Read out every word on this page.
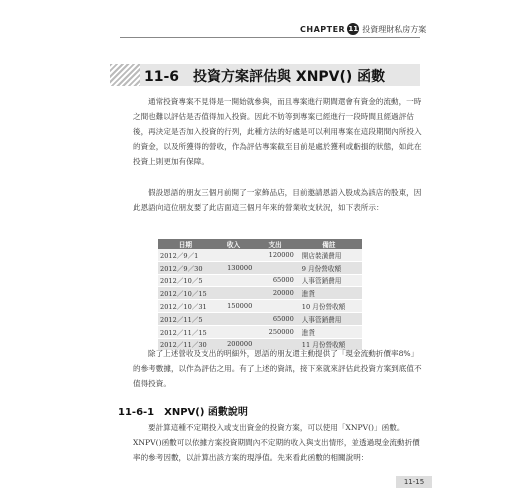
CHAPTER 11 投資理財私房方案
11-6　投資方案評估與 XNPV() 函數

通常投資專案不見得是一開始就參與，而且專案進行期間還會有資金的流動，一時之間也難以評估是否值得加入投資。因此不妨等到專案已經進行一段時間且經過評估後，再決定是否加入投資的行列，此種方法的好處是可以利用專案在這段期間內所投入的資金，以及所獲得的營收，作為評估專案截至目前是處於獲利或虧損的狀態，如此在投資上則更加有保障。

假設恩語的朋友三個月前開了一家飾品店，目前邀請恩語入股成為該店的股東，因此恩語向這位朋友要了此店面這三個月年來的營業收支狀況，如下表所示：

日期	收入	支出	備註
2012／9／1		120000	開店裝潢費用
2012／9／30	130000		9 月份營收額
2012／10／5		65000	人事管銷費用
2012／10／15		20000	進貨
2012／10／31	150000		10 月份營收額
2012／11／5		65000	人事管銷費用
2012／11／15		250000	進貨
2012／11／30	200000		11 月份營收額

除了上述營收及支出的明細外，恩語的朋友還主動提供了「現金流動折價率8%」的參考數據，以作為評估之用。有了上述的資訊，接下來就來評估此投資方案到底值不值得投資。

11-6-1　XNPV() 函數說明

要計算這種不定期投入或支出資金的投資方案，可以使用「XNPV()」函數。XNPV()函數可以依據方案投資期間內不定期的收入與支出情形，並透過現金流動折價率的參考因數，以計算出該方案的現淨值。先來看此函數的相關說明：

11-15
